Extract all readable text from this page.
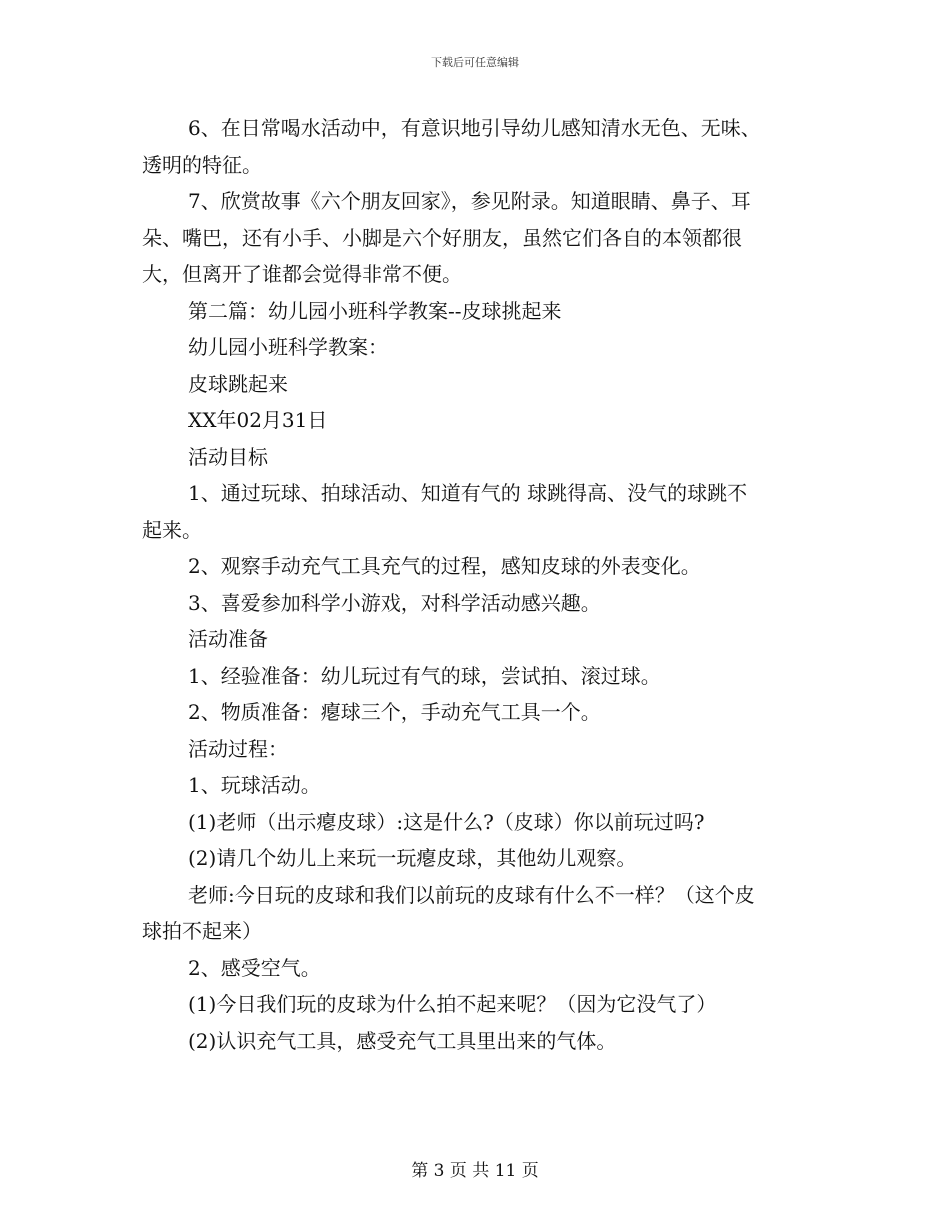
下载后可任意编辑
6、在日常喝水活动中，有意识地引导幼儿感知清水无色、无味、
透明的特征。
7、欣赏故事《六个朋友回家》，参见附录。知道眼睛、鼻子、耳
朵、嘴巴，还有小手、小脚是六个好朋友，虽然它们各自的本领都很
大，但离开了谁都会觉得非常不便。
第二篇：幼儿园小班科学教案--皮球挑起来
幼儿园小班科学教案：
皮球跳起来
XX年02月31日
活动目标
1、通过玩球、拍球活动、知道有气的 球跳得高、没气的球跳不
起来。
2、观察手动充气工具充气的过程，感知皮球的外表变化。
3、喜爱参加科学小游戏，对科学活动感兴趣。
活动准备
1、经验准备：幼儿玩过有气的球，尝试拍、滚过球。
2、物质准备：瘪球三个，手动充气工具一个。
活动过程：
1、玩球活动。
(1)老师（出示瘪皮球）:这是什么?（皮球）你以前玩过吗?
(2)请几个幼儿上来玩一玩瘪皮球，其他幼儿观察。
老师:今日玩的皮球和我们以前玩的皮球有什么不一样？（这个皮
球拍不起来）
2、感受空气。
(1)今日我们玩的皮球为什么拍不起来呢？（因为它没气了）
(2)认识充气工具，感受充气工具里出来的气体。
第 3 页 共 11 页
